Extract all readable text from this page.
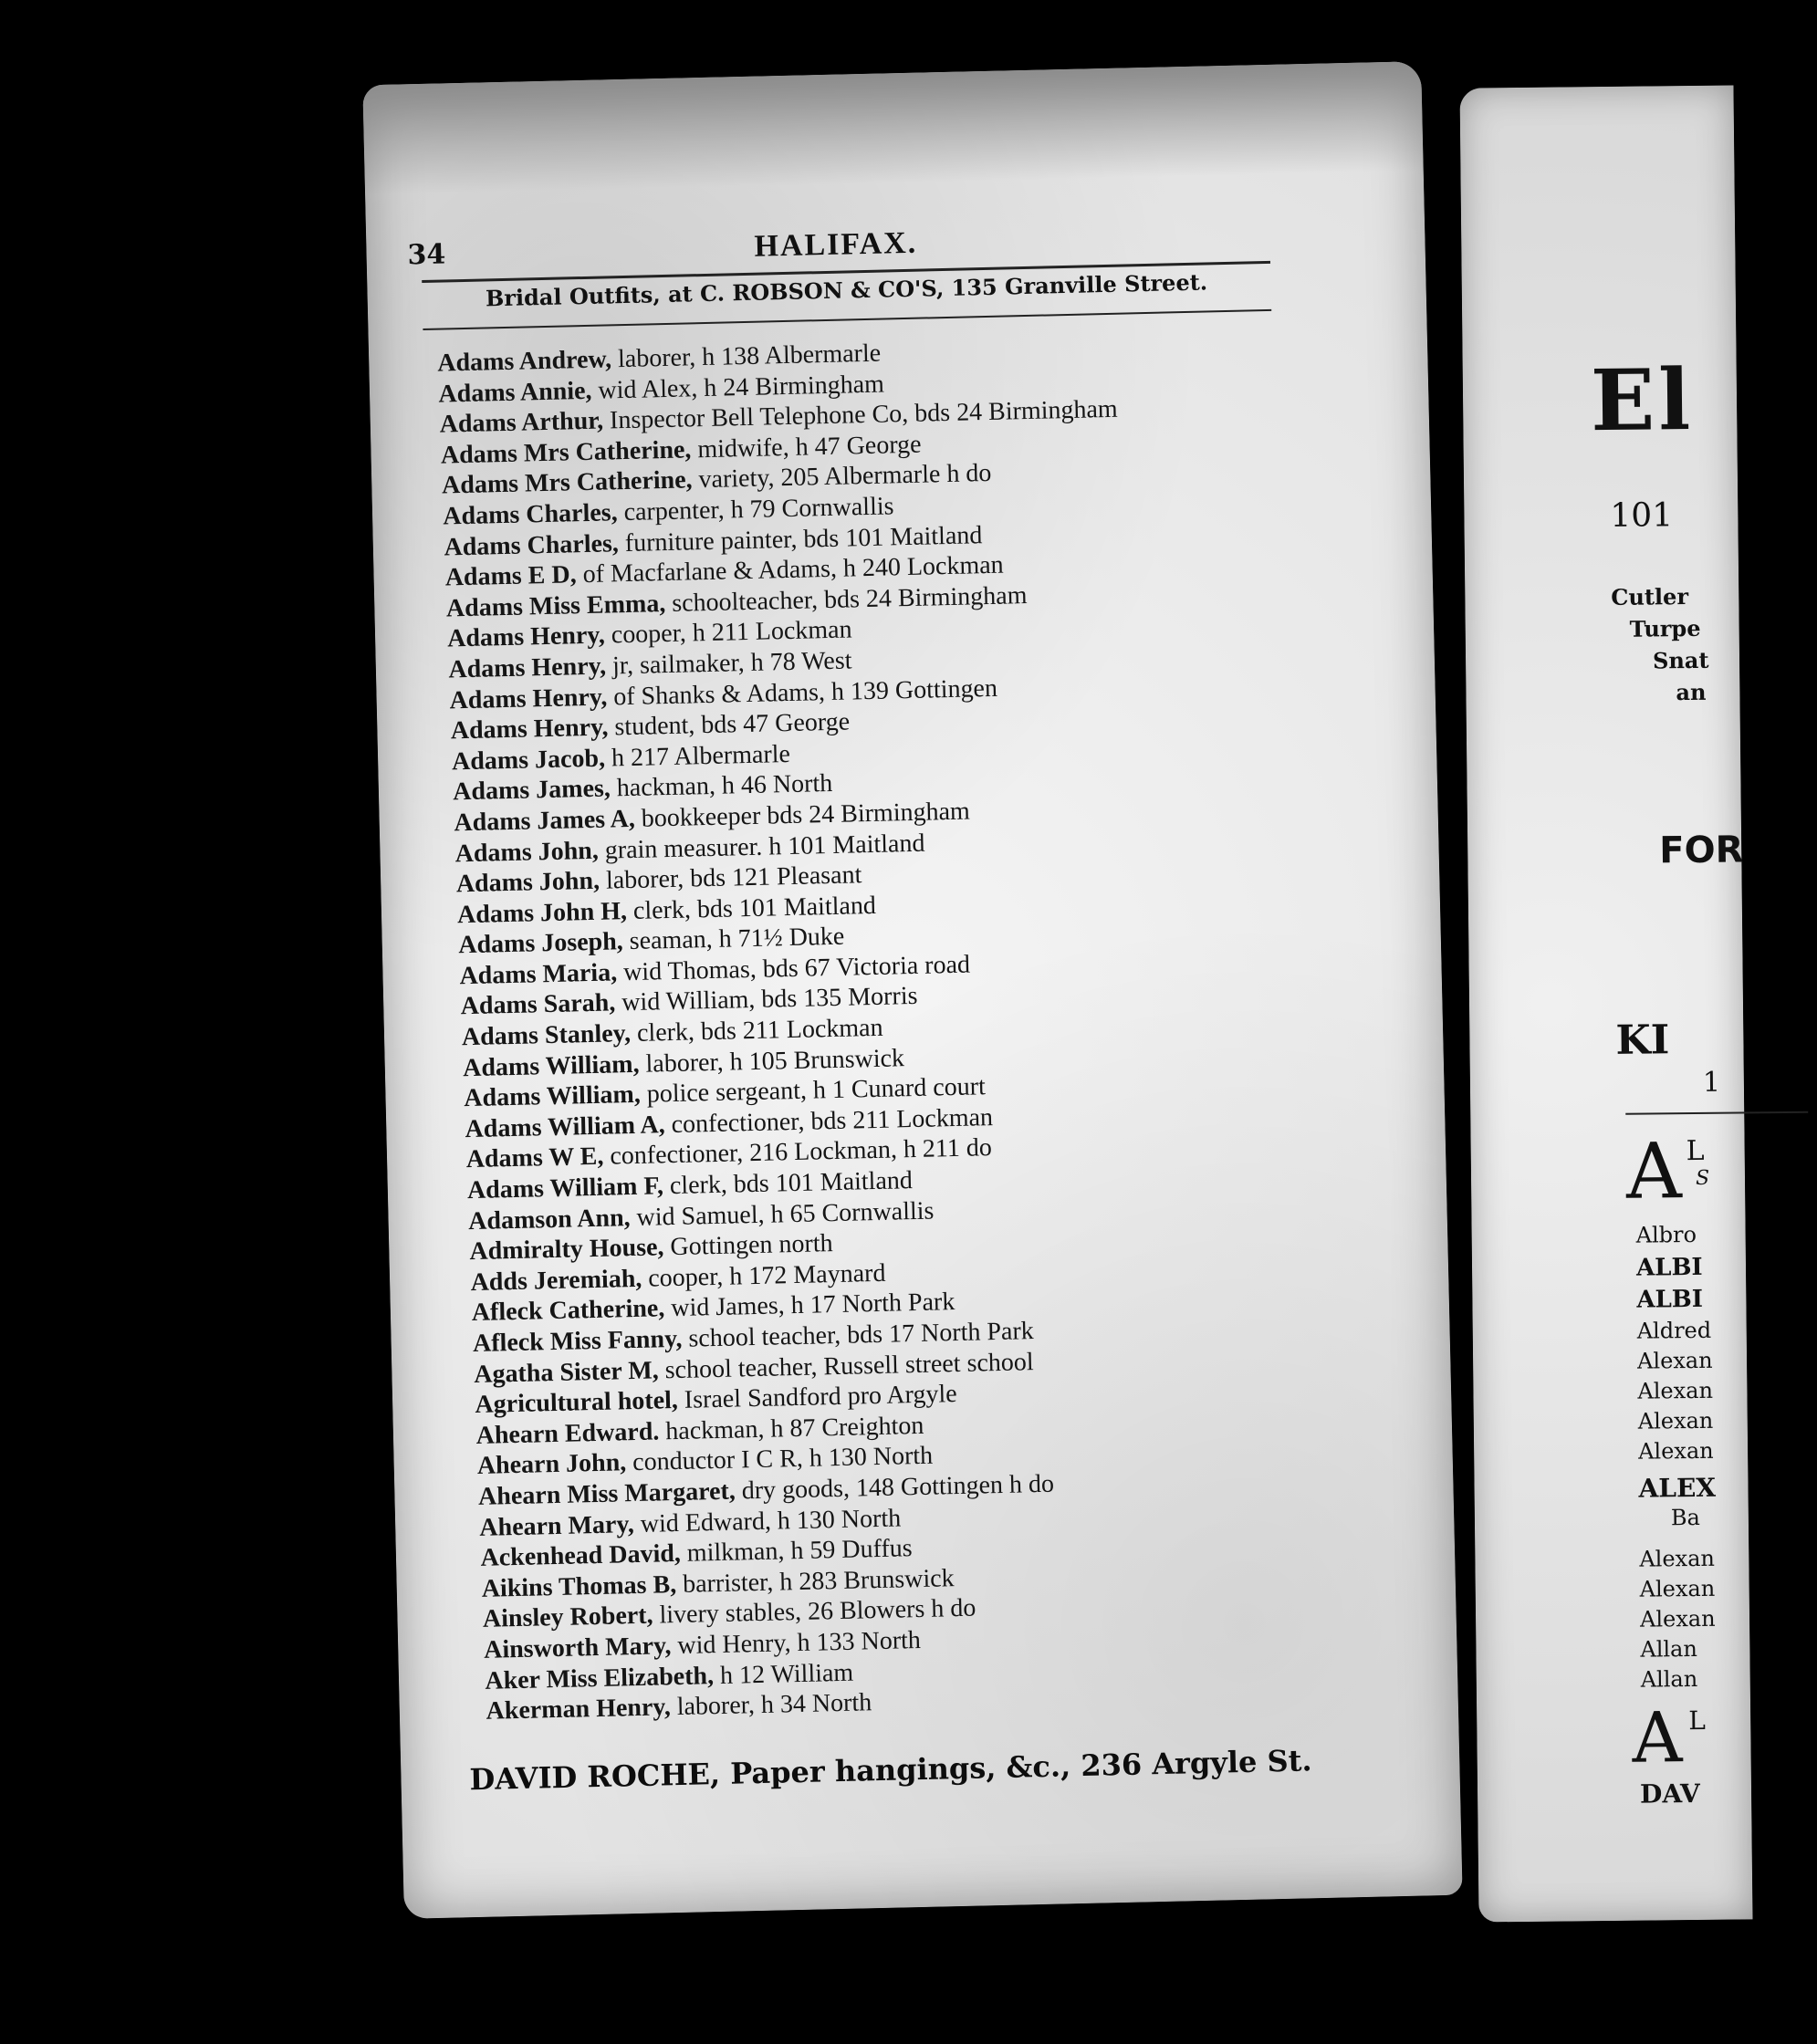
El
101
Cutler
Turpe
Snat
an
FOR
KI
1
A L
S
Albro
ALBI
ALBI
Aldred
Alexan
Alexan
Alexan
Alexan
ALEX
Ba
Alexan
Alexan
Alexan
Allan
Allan
A L
DAV
34	HALIFAX.
Bridal Outfits, at C. ROBSON & CO'S, 135 Granville Street.
Adams Andrew, laborer, h 138 Albermarle
Adams Annie, wid Alex, h 24 Birmingham
Adams Arthur, Inspector Bell Telephone Co, bds 24 Birmingham
Adams Mrs Catherine, midwife, h 47 George
Adams Mrs Catherine, variety, 205 Albermarle h do
Adams Charles, carpenter, h 79 Cornwallis
Adams Charles, furniture painter, bds 101 Maitland
Adams E D, of Macfarlane & Adams, h 240 Lockman
Adams Miss Emma, schoolteacher, bds 24 Birmingham
Adams Henry, cooper, h 211 Lockman
Adams Henry, jr, sailmaker, h 78 West
Adams Henry, of Shanks & Adams, h 139 Gottingen
Adams Henry, student, bds 47 George
Adams Jacob, h 217 Albermarle
Adams James, hackman, h 46 North
Adams James A, bookkeeper bds 24 Birmingham
Adams John, grain measurer. h 101 Maitland
Adams John, laborer, bds 121 Pleasant
Adams John H, clerk, bds 101 Maitland
Adams Joseph, seaman, h 71½ Duke
Adams Maria, wid Thomas, bds 67 Victoria road
Adams Sarah, wid William, bds 135 Morris
Adams Stanley, clerk, bds 211 Lockman
Adams William, laborer, h 105 Brunswick
Adams William, police sergeant, h 1 Cunard court
Adams William A, confectioner, bds 211 Lockman
Adams W E, confectioner, 216 Lockman, h 211 do
Adams William F, clerk, bds 101 Maitland
Adamson Ann, wid Samuel, h 65 Cornwallis
Admiralty House, Gottingen north
Adds Jeremiah, cooper, h 172 Maynard
Afleck Catherine, wid James, h 17 North Park
Afleck Miss Fanny, school teacher, bds 17 North Park
Agatha Sister M, school teacher, Russell street school
Agricultural hotel, Israel Sandford pro Argyle
Ahearn Edward. hackman, h 87 Creighton
Ahearn John, conductor I C R, h 130 North
Ahearn Miss Margaret, dry goods, 148 Gottingen h do
Ahearn Mary, wid Edward, h 130 North
Ackenhead David, milkman, h 59 Duffus
Aikins Thomas B, barrister, h 283 Brunswick
Ainsley Robert, livery stables, 26 Blowers h do
Ainsworth Mary, wid Henry, h 133 North
Aker Miss Elizabeth, h 12 William
Akerman Henry, laborer, h 34 North
DAVID ROCHE, Paper hangings, &c., 236 Argyle St.
